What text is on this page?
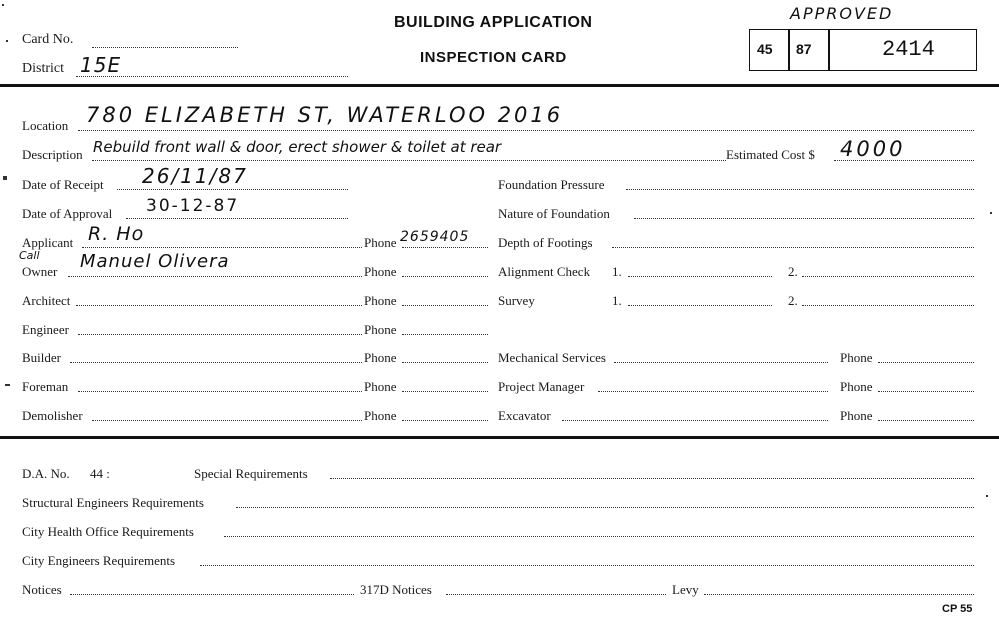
Card No.
District 15E
BUILDING APPLICATION
INSPECTION CARD
APPROVED
45 87	2414
Location 780 ELIZABETH ST, WATERLOO 2016
Description Rebuild front wall & door, erect shower & toilet at rear	Estimated Cost $ 4000
Date of Receipt 26/11/87
Date of Approval 30-12-87
Applicant R. Ho	Phone 2659405
Call
Owner Manuel Olivera	Phone
Architect	Phone
Engineer	Phone
Builder	Phone
Foreman	Phone
Demolisher	Phone
Foundation Pressure
Nature of Foundation
Depth of Footings
Alignment Check 1.	2.
Survey	1.	2.
Mechanical Services	Phone
Project Manager	Phone
Excavator	Phone
D.A. No. 44 :	Special Requirements
Structural Engineers Requirements
City Health Office Requirements
City Engineers Requirements
Notices	317D Notices	Levy
CP 55
